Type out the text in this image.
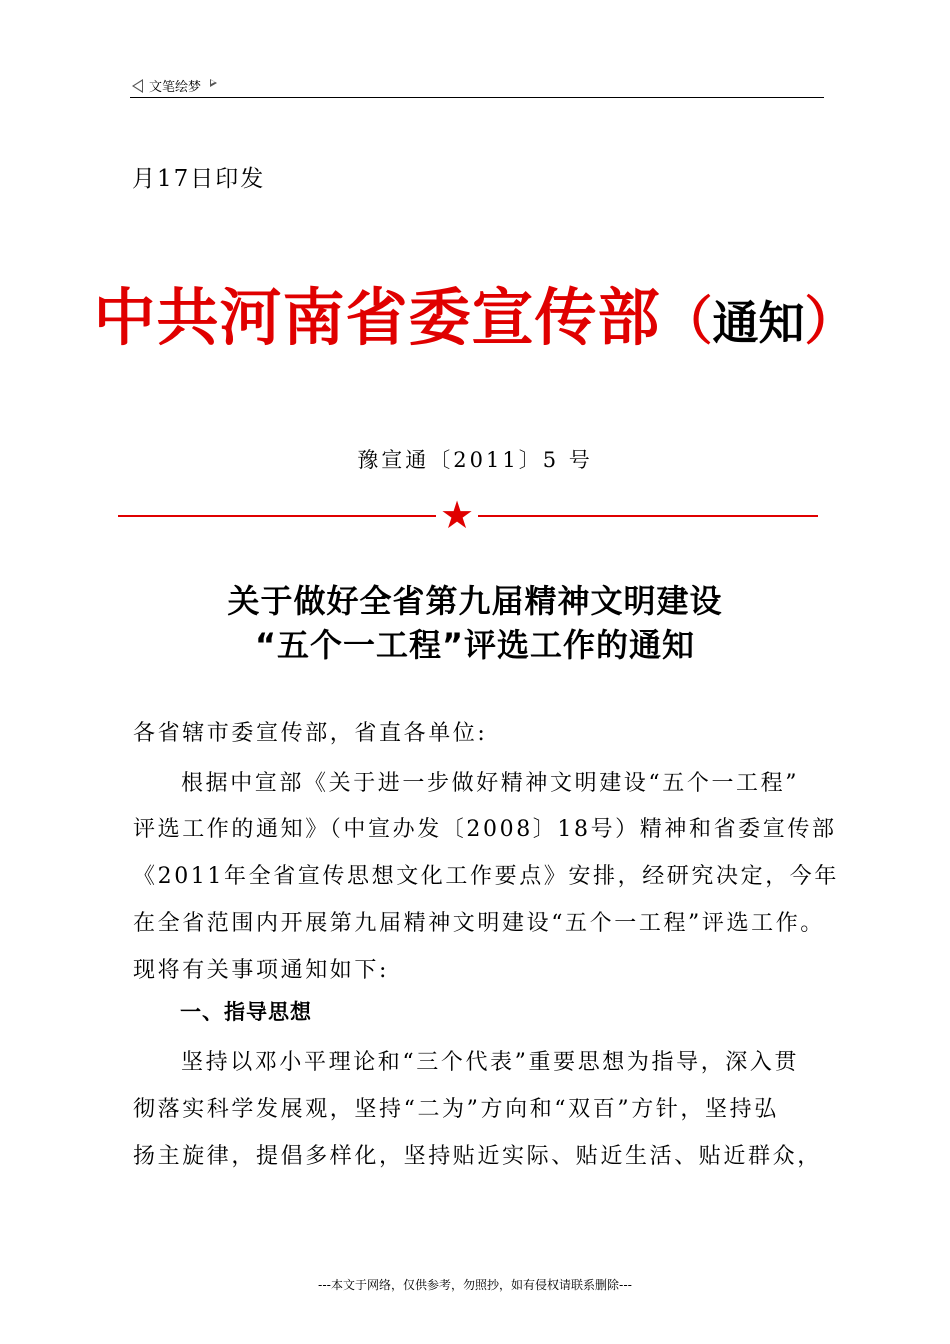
文笔绘梦
月17日印发
中共河南省委宣传部（通知）
豫宣通〔2011〕5 号
★
关于做好全省第九届精神文明建设
“五个一工程”评选工作的通知
各省辖市委宣传部，省直各单位:
根据中宣部《关于进一步做好精神文明建设“五个一工程”
评选工作的通知》（中宣办发〔2008〕18号）精神和省委宣传部
《2011年全省宣传思想文化工作要点》安排，经研究决定，今年
在全省范围内开展第九届精神文明建设“五个一工程”评选工作。
现将有关事项通知如下:
一、指导思想
坚持以邓小平理论和“三个代表”重要思想为指导，深入贯
彻落实科学发展观，坚持“二为”方向和“双百”方针，坚持弘
扬主旋律，提倡多样化，坚持贴近实际、贴近生活、贴近群众，
---本文于网络，仅供参考，勿照抄，如有侵权请联系删除---
